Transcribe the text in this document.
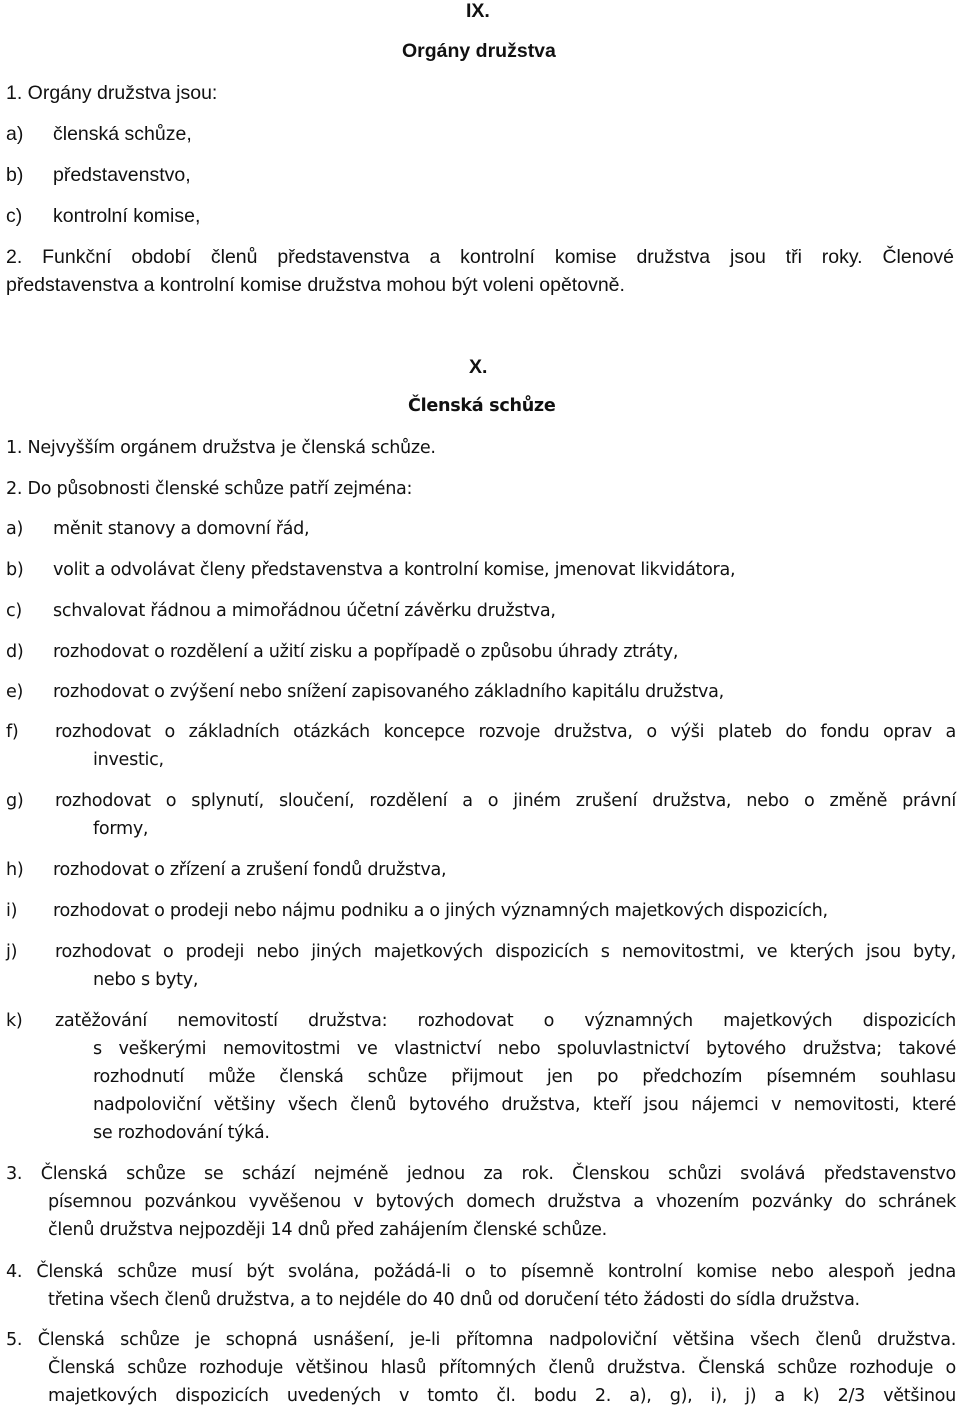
IX.
Orgány družstva
1. Orgány družstva jsou:
a) členská schůze,
b) představenstvo,
c) kontrolní komise,
2. Funkční období členů představenstva a kontrolní komise družstva jsou tři roky. Členové
představenstva a kontrolní komise družstva mohou být voleni opětovně.
X.
Členská schůze
1. Nejvyšším orgánem družstva je členská schůze.
2. Do působnosti členské schůze patří zejména:
a) měnit stanovy a domovní řád,
b) volit a odvolávat členy představenstva a kontrolní komise, jmenovat likvidátora,
c) schvalovat řádnou a mimořádnou účetní závěrku družstva,
d) rozhodovat o rozdělení a užití zisku a popřípadě o způsobu úhrady ztráty,
e) rozhodovat o zvýšení nebo snížení zapisovaného základního kapitálu družstva,
f) rozhodovat o základních otázkách koncepce rozvoje družstva, o výši plateb do fondu oprav a
investic,
g) rozhodovat o splynutí, sloučení, rozdělení a o jiném zrušení družstva, nebo o změně právní
formy,
h) rozhodovat o zřízení a zrušení fondů družstva,
i) rozhodovat o prodeji nebo nájmu podniku a o jiných významných majetkových dispozicích,
j) rozhodovat o prodeji nebo jiných majetkových dispozicích s nemovitostmi, ve kterých jsou byty,
nebo s byty,
k) zatěžování nemovitostí družstva: rozhodovat o významných majetkových dispozicích
s veškerými nemovitostmi ve vlastnictví nebo spoluvlastnictví bytového družstva; takové
rozhodnutí může členská schůze přijmout jen po předchozím písemném souhlasu
nadpoloviční většiny všech členů bytového družstva, kteří jsou nájemci v nemovitosti, které
se rozhodování týká.
3. Členská schůze se schází nejméně jednou za rok. Členskou schůzi svolává představenstvo
písemnou pozvánkou vyvěšenou v bytových domech družstva a vhozením pozvánky do schránek
členů družstva nejpozději 14 dnů před zahájením členské schůze.
4. Členská schůze musí být svolána, požádá-li o to písemně kontrolní komise nebo alespoň jedna
třetina všech členů družstva, a to nejdéle do 40 dnů od doručení této žádosti do sídla družstva.
5. Členská schůze je schopná usnášení, je-li přítomna nadpoloviční většina všech členů družstva.
Členská schůze rozhoduje většinou hlasů přítomných členů družstva. Členská schůze rozhoduje o
majetkových dispozicích uvedených v tomto čl. bodu 2. a), g), i), j) a k) 2/3 většinou
